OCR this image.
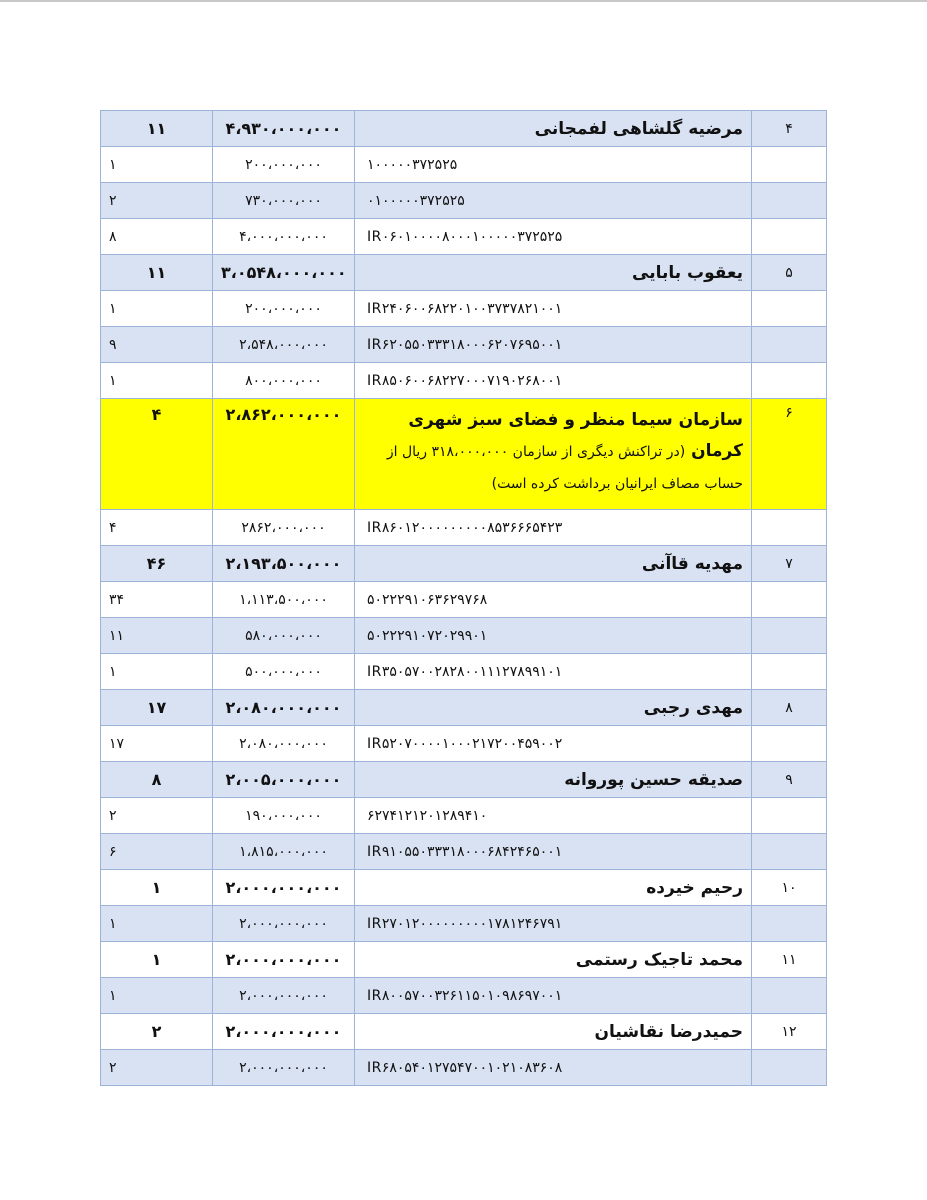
۱۱	۴،۹۳۰،۰۰۰،۰۰۰	مرضیه گلشاهی لفمجانی	۴
۱	۲۰۰،۰۰۰،۰۰۰	۱۰۰۰۰۰۳۷۲۵۲۵	
۲	۷۳۰،۰۰۰،۰۰۰	۰۱۰۰۰۰۰۳۷۲۵۲۵	
۸	۴،۰۰۰،۰۰۰،۰۰۰	IR۰۶۰۱۰۰۰۰۸۰۰۰۱۰۰۰۰۰۳۷۲۵۲۵	
۱۱	۳،۰۵۴۸،۰۰۰،۰۰۰	یعقوب بابایی	۵
۱	۲۰۰،۰۰۰،۰۰۰	IR۲۴۰۶۰۰۶۸۲۲۰۱۰۰۳۷۳۷۸۲۱۰۰۱	
۹	۲،۵۴۸،۰۰۰،۰۰۰	IR۶۲۰۵۵۰۳۳۳۱۸۰۰۰۶۲۰۷۶۹۵۰۰۱	
۱	۸۰۰،۰۰۰،۰۰۰	IR۸۵۰۶۰۰۶۸۲۲۷۰۰۰۷۱۹۰۲۶۸۰۰۱	
۴	۲،۸۶۲،۰۰۰،۰۰۰	سازمان سیما منظر و فضای سبز شهری کرمان (در تراکنش دیگری از سازمان ۳۱۸،۰۰۰،۰۰۰ ریال از حساب مصاف ایرانیان برداشت کرده است)	۶
۴	۲۸۶۲،۰۰۰،۰۰۰	IR۸۶۰۱۲۰۰۰۰۰۰۰۰۰۸۵۳۶۶۶۵۴۲۳	
۴۶	۲،۱۹۳،۵۰۰،۰۰۰	مهدیه قاآنی	۷
۳۴	۱،۱۱۳،۵۰۰،۰۰۰	۵۰۲۲۲۹۱۰۶۳۶۲۹۷۶۸	
۱۱	۵۸۰،۰۰۰،۰۰۰	۵۰۲۲۲۹۱۰۷۲۰۲۹۹۰۱	
۱	۵۰۰،۰۰۰،۰۰۰	IR۳۵۰۵۷۰۰۲۸۲۸۰۰۱۱۱۲۷۸۹۹۱۰۱	
۱۷	۲،۰۸۰،۰۰۰،۰۰۰	مهدی رجبی	۸
۱۷	۲،۰۸۰،۰۰۰،۰۰۰	IR۵۲۰۷۰۰۰۰۱۰۰۰۲۱۷۲۰۰۴۵۹۰۰۲	
۸	۲،۰۰۵،۰۰۰،۰۰۰	صدیقه حسین پوروانه	۹
۲	۱۹۰،۰۰۰،۰۰۰	۶۲۷۴۱۲۱۲۰۱۲۸۹۴۱۰	
۶	۱،۸۱۵،۰۰۰،۰۰۰	IR۹۱۰۵۵۰۳۳۳۱۸۰۰۰۶۸۴۲۴۶۵۰۰۱	
۱	۲،۰۰۰،۰۰۰،۰۰۰	رحیم خیرده	۱۰
۱	۲،۰۰۰،۰۰۰،۰۰۰	IR۲۷۰۱۲۰۰۰۰۰۰۰۰۰۱۷۸۱۲۴۶۷۹۱	
۱	۲،۰۰۰،۰۰۰،۰۰۰	محمد تاجیک رستمی	۱۱
۱	۲،۰۰۰،۰۰۰،۰۰۰	IR۸۰۰۵۷۰۰۳۲۶۱۱۵۰۱۰۹۸۶۹۷۰۰۱	
۲	۲،۰۰۰،۰۰۰،۰۰۰	حمیدرضا نقاشیان	۱۲
۲	۲،۰۰۰،۰۰۰،۰۰۰	IR۶۸۰۵۴۰۱۲۷۵۴۷۰۰۱۰۲۱۰۸۳۶۰۸	
